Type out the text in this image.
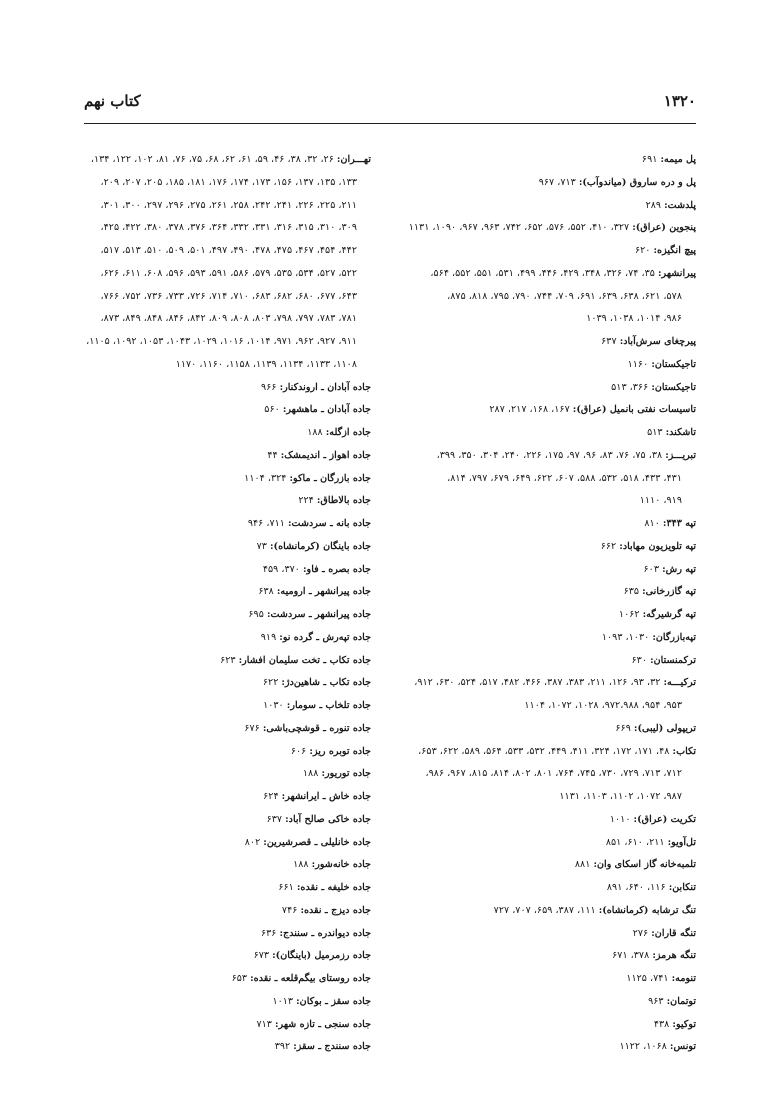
۱۳۲۰
کتاب نهم
پل میمه: ۶۹۱
پل و دره ساروق (میاندوآب): ۷۱۳، ۹۶۷
پلدشت: ۲۸۹
پنجوین (عراق): ۳۲۷، ۴۱۰، ۵۵۲، ۵۷۶، ۶۵۲، ۷۴۲، ۹۶۳، ۹۶۷، ۱۰۹۰، ۱۱۳۱
پیچ انگیزه: ۶۲۰
پیرانشهر: ۳۵، ۷۴، ۳۲۶، ۳۴۸، ۴۲۹، ۴۴۶، ۴۹۹، ۵۳۱، ۵۵۱، ۵۵۲، ۵۶۴،
۵۷۸، ۶۲۱، ۶۳۸، ۶۳۹، ۶۹۱، ۷۰۹، ۷۴۴، ۷۹۰، ۷۹۵، ۸۱۸، ۸۷۵،
۹۸۶، ۱۰۱۴، ۱۰۳۸، ۱۰۳۹
پیرچغای سرش‌آباد: ۶۳۷
تاجیکستان: ۱۱۶۰
تاجیکستان: ۳۶۶، ۵۱۳
تاسیسات نفتی بانمیل (عراق): ۱۶۷، ۱۶۸، ۲۱۷، ۲۸۷
تاشکند: ۵۱۳
تبریـــز: ۳۸، ۷۵، ۷۶، ۸۳، ۹۶، ۹۷، ۱۷۵، ۲۲۶، ۲۴۰، ۳۰۴، ۳۵۰، ۳۹۹،
۴۳۱، ۴۳۳، ۵۱۸، ۵۳۲، ۵۸۸، ۶۰۷، ۶۲۲، ۶۴۹، ۶۷۹، ۷۹۷، ۸۱۴،
۹۱۹، ۱۱۱۰
تپه ۳۴۳: ۸۱۰
تپه تلویزیون مهاباد: ۶۶۲
تپه رش: ۶۰۳
تپه گازرخانی: ۶۳۵
تپه گرشیرگه: ۱۰۶۲
تپه‌بازرگان: ۱۰۳۰، ۱۰۹۳
ترکمنستان: ۶۳۰
ترکیـــه: ۳۲، ۹۳، ۱۲۶، ۲۱۱، ۳۸۳، ۳۸۷، ۴۶۶، ۴۸۲، ۵۱۷، ۵۲۴، ۶۳۰، ۹۱۲،
۹۵۳، ۹۵۴، ۹۷۲،۹۸۸، ۱۰۲۸، ۱۰۷۲، ۱۱۰۴
تریپولی (لیبی): ۶۶۹
تکاب: ۴۸، ۱۷۱، ۱۷۲، ۳۲۴، ۴۱۱، ۴۴۹، ۵۳۲، ۵۳۳، ۵۶۴، ۵۸۹، ۶۲۲، ۶۵۳،
۷۱۲، ۷۱۳، ۷۲۹، ۷۳۰، ۷۴۵، ۷۶۴، ۸۰۱، ۸۰۲، ۸۱۴، ۸۱۵، ۹۶۷، ۹۸۶،
۹۸۷، ۱۰۷۲، ۱۱۰۲، ۱۱۰۳، ۱۱۳۱
تکریت (عراق): ۱۰۱۰
تل‌آویو: ۲۱۱، ۶۱۰، ۸۵۱
تلمبه‌خانه گاز اسکای وان: ۸۸۱
تنکابن: ۱۱۶، ۶۴۰، ۸۹۱
تنگ ترشابه (کرمانشاه): ۱۱۱، ۳۸۷، ۶۵۹، ۷۰۷، ۷۲۷
تنگه قاران: ۲۷۶
تنگه هرمز: ۳۷۸، ۶۷۱
تنومه: ۷۴۱، ۱۱۲۵
توتمان: ۹۶۳
توکیو: ۴۳۸
تونس: ۱۰۶۸، ۱۱۲۲
تهـــران: ۲۶، ۳۲، ۳۸، ۴۶، ۵۹، ۶۱، ۶۲، ۶۸، ۷۵، ۷۶، ۸۱، ۱۰۲، ۱۲۲، ۱۳۴،
۱۳۳، ۱۳۵، ۱۳۷، ۱۵۶، ۱۷۳، ۱۷۴، ۱۷۶، ۱۸۱، ۱۸۵، ۲۰۵، ۲۰۷، ۲۰۹،
۲۱۱، ۲۲۵، ۲۲۶، ۲۴۱، ۲۴۲، ۲۵۸، ۲۶۱، ۲۷۵، ۲۹۶، ۲۹۷، ۳۰۰، ۳۰۱،
۳۰۹، ۳۱۰، ۳۱۵، ۳۱۶، ۳۳۱، ۳۳۲، ۳۶۴، ۳۷۶، ۳۷۸، ۳۸۰، ۴۲۲، ۴۲۵،
۴۴۲، ۴۵۴، ۴۶۷، ۴۷۵، ۴۷۸، ۴۹۰، ۴۹۷، ۵۰۱، ۵۰۹، ۵۱۰، ۵۱۳، ۵۱۷،
۵۲۲، ۵۲۷، ۵۳۴، ۵۳۵، ۵۷۹، ۵۸۶، ۵۹۱، ۵۹۳، ۵۹۶، ۶۰۸، ۶۱۱، ۶۲۶،
۶۴۳، ۶۷۷، ۶۸۰، ۶۸۲، ۶۸۳، ۷۱۰، ۷۱۴، ۷۲۶، ۷۳۳، ۷۳۶، ۷۵۲، ۷۶۶،
۷۸۱، ۷۸۳، ۷۹۷، ۷۹۸، ۸۰۳، ۸۰۸، ۸۰۹، ۸۴۲، ۸۴۶، ۸۴۸، ۸۴۹، ۸۷۳،
۹۱۱، ۹۲۷، ۹۶۲، ۹۷۱، ۱۰۱۴، ۱۰۱۶، ۱۰۲۹، ۱۰۴۳، ۱۰۵۳، ۱۰۹۲، ۱۱۰۵،
۱۱۰۸، ۱۱۳۳، ۱۱۳۴، ۱۱۳۹، ۱۱۵۸، ۱۱۶۰، ۱۱۷۰
جاده آبادان ـ اروندکنار: ۹۶۶
جاده آبادان ـ ماهشهر: ۵۶۰
جاده ازگله: ۱۸۸
جاده اهواز ـ اندیمشک: ۴۴
جاده بازرگان ـ ماکو: ۳۲۴، ۱۱۰۴
جاده بالاطاق: ۲۲۴
جاده بانه ـ سردشت: ۷۱۱، ۹۴۶
جاده باینگان (کرمانشاه): ۷۳
جاده بصره ـ فاو: ۳۷۰، ۴۵۹
جاده پیرانشهر ـ ارومیه: ۶۳۸
جاده پیرانشهر ـ سردشت: ۶۹۵
جاده تپه‌رش ـ گرده نو: ۹۱۹
جاده تکاب ـ تخت سلیمان افشار: ۶۲۳
جاده تکاب ـ شاهین‌دژ: ۶۲۲
جاده تلخاب ـ سومار: ۱۰۳۰
جاده تنوره ـ قوشچی‌باشی: ۶۷۶
جاده توبره ریز: ۶۰۶
جاده توریور: ۱۸۸
جاده خاش ـ ایرانشهر: ۶۲۴
جاده خاکی صالح آباد: ۶۳۷
جاده خانلیلی ـ قصرشیرین: ۸۰۲
جاده خانه‌شور: ۱۸۸
جاده خلیفه ـ نقده: ۶۶۱
جاده دیزج ـ نقده: ۷۴۶
جاده دیواندره ـ سنندج: ۶۳۶
جاده رزمرمیل (باینگان): ۶۷۳
جاده روستای بیگم‌قلعه ـ نقده: ۶۵۳
جاده سقز ـ بوکان: ۱۰۱۳
جاده سنجی ـ تازه شهر: ۷۱۳
جاده سنندج ـ سقز: ۳۹۲
